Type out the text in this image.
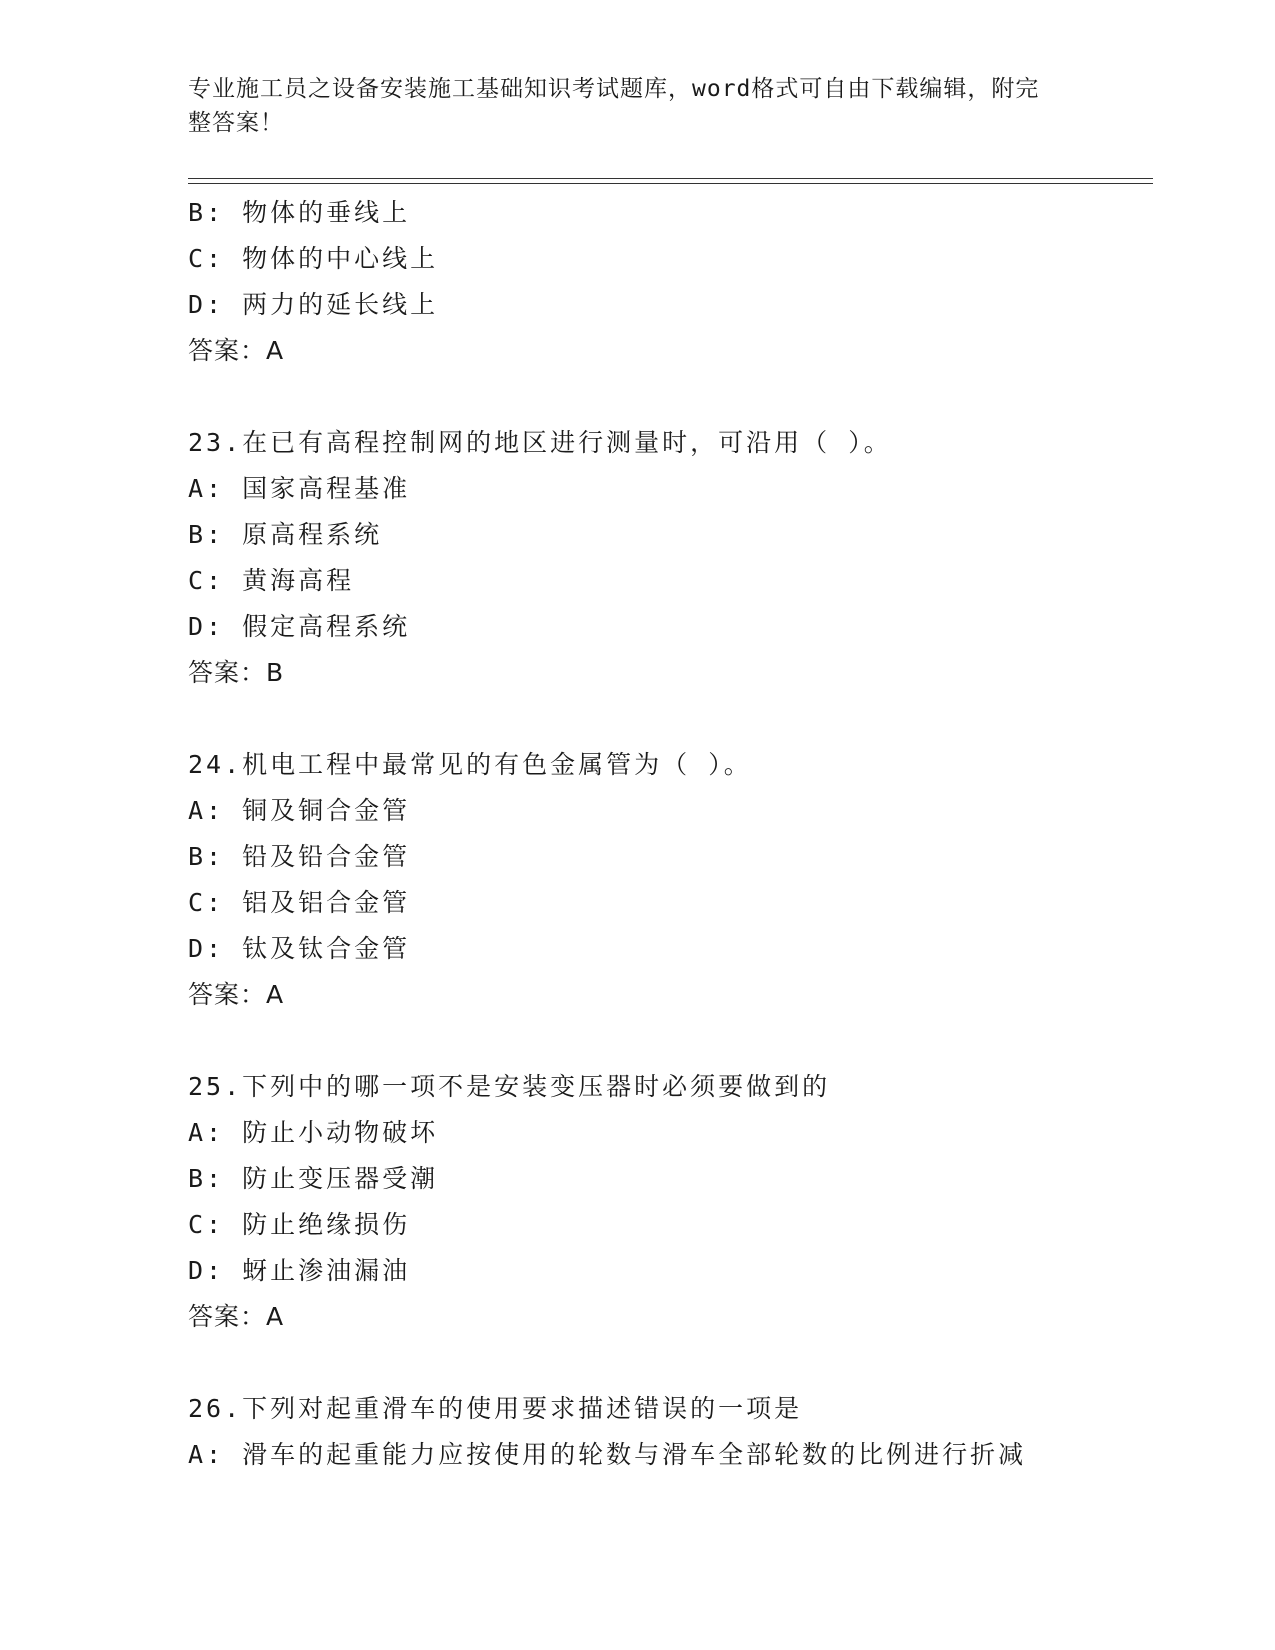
专业施工员之设备安装施工基础知识考试题库，word格式可自由下载编辑，附完
整答案！
B: 物体的垂线上
C: 物体的中心线上
D: 两力的延长线上
答案：A
23.在已有高程控制网的地区进行测量时，可沿用（ ）。
A: 国家高程基准
B: 原高程系统
C: 黄海高程
D: 假定高程系统
答案：B
24.机电工程中最常见的有色金属管为（ ）。
A: 铜及铜合金管
B: 铅及铅合金管
C: 铝及铝合金管
D: 钛及钛合金管
答案：A
25.下列中的哪一项不是安装变压器时必须要做到的
A: 防止小动物破坏
B: 防止变压器受潮
C: 防止绝缘损伤
D: 蚜止渗油漏油
答案：A
26.下列对起重滑车的使用要求描述错误的一项是
A: 滑车的起重能力应按使用的轮数与滑车全部轮数的比例进行折减
